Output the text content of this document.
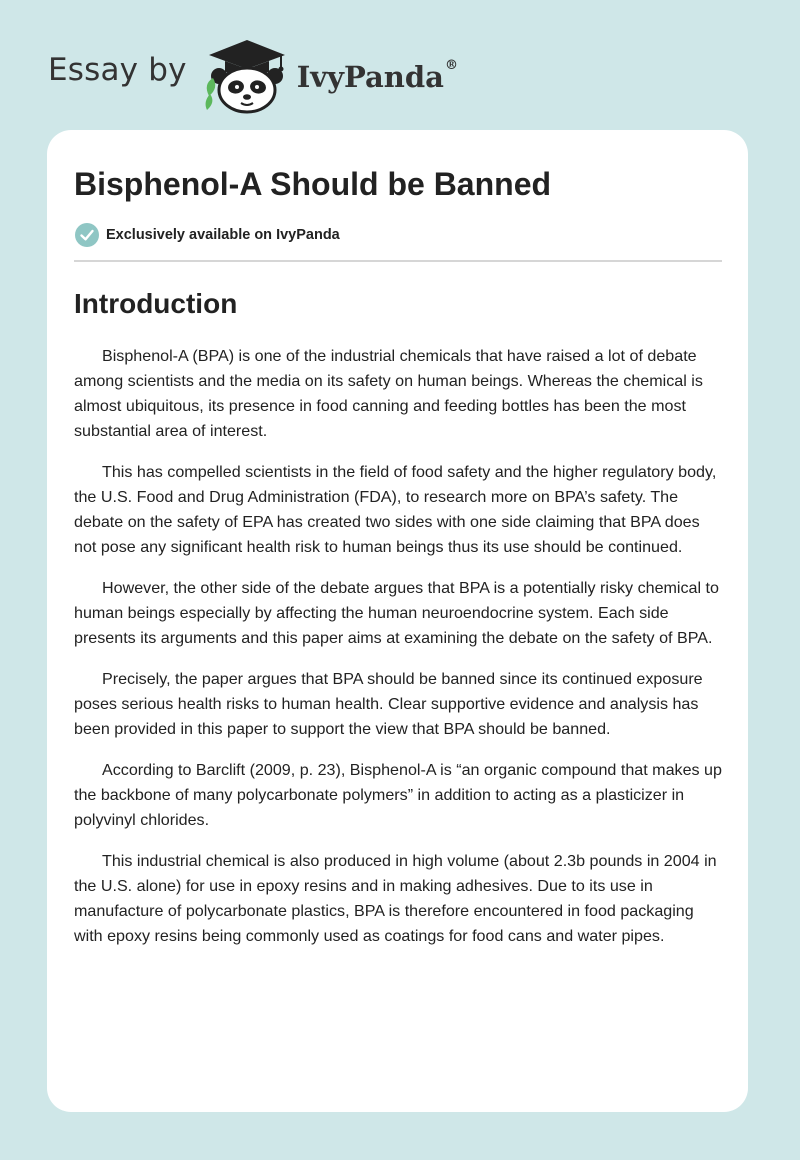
Essay by	IvyPanda®
Bisphenol-A Should be Banned
Exclusively available on IvyPanda
Introduction

Bisphenol-A (BPA) is one of the industrial chemicals that have raised a lot of debate among scientists and the media on its safety on human beings. Whereas the chemical is almost ubiquitous, its presence in food canning and feeding bottles has been the most substantial area of interest.

This has compelled scientists in the field of food safety and the higher regulatory body, the U.S. Food and Drug Administration (FDA), to research more on BPA’s safety. The debate on the safety of EPA has created two sides with one side claiming that BPA does not pose any significant health risk to human beings thus its use should be continued.

However, the other side of the debate argues that BPA is a potentially risky chemical to human beings especially by affecting the human neuroendocrine system. Each side presents its arguments and this paper aims at examining the debate on the safety of BPA.

Precisely, the paper argues that BPA should be banned since its continued exposure poses serious health risks to human health. Clear supportive evidence and analysis has been provided in this paper to support the view that BPA should be banned.

According to Barclift (2009, p. 23), Bisphenol-A is “an organic compound that makes up the backbone of many polycarbonate polymers” in addition to acting as a plasticizer in polyvinyl chlorides.

This industrial chemical is also produced in high volume (about 2.3b pounds in 2004 in the U.S. alone) for use in epoxy resins and in making adhesives. Due to its use in manufacture of polycarbonate plastics, BPA is therefore encountered in food packaging with epoxy resins being commonly used as coatings for food cans and water pipes.
